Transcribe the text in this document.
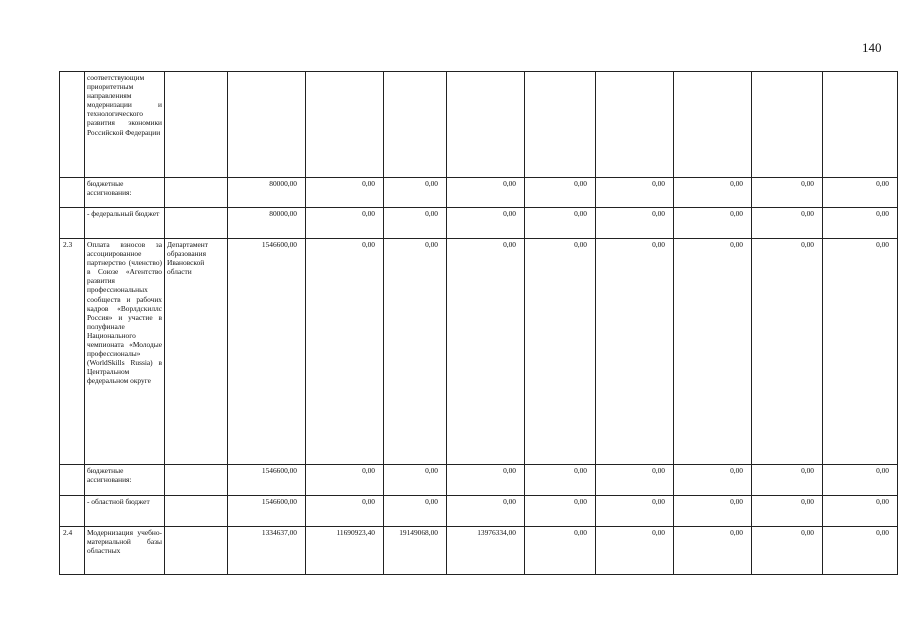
140

	соответствующим приоритетным направлениям модернизации и технологического развития экономики Российской Федерации										

	бюджетные ассигнования:		80000,00	0,00	0,00	0,00	0,00	0,00	0,00	0,00	0,00
	- федеральный бюджет		80000,00	0,00	0,00	0,00	0,00	0,00	0,00	0,00	0,00
2.3	Оплата взносов за ассоциированное партнерство (членство) в Союзе «Агентство развития профессиональных сообществ и рабочих кадров «Ворлдскиллс Россия» и участие в полуфинале Национального чемпионата «Молодые профессионалы» (WorldSkills Russia) в Центральном федеральном округе	Департамент образования Ивановской области	1546600,00	0,00	0,00	0,00	0,00	0,00	0,00	0,00	0,00
	бюджетные ассигнования:		1546600,00	0,00	0,00	0,00	0,00	0,00	0,00	0,00	0,00
	- областной бюджет		1546600,00	0,00	0,00	0,00	0,00	0,00	0,00	0,00	0,00
2.4	Модернизация учебно-материальной базы областных		1334637,00	11690923,40	19149068,00	13976334,00	0,00	0,00	0,00	0,00	0,00
